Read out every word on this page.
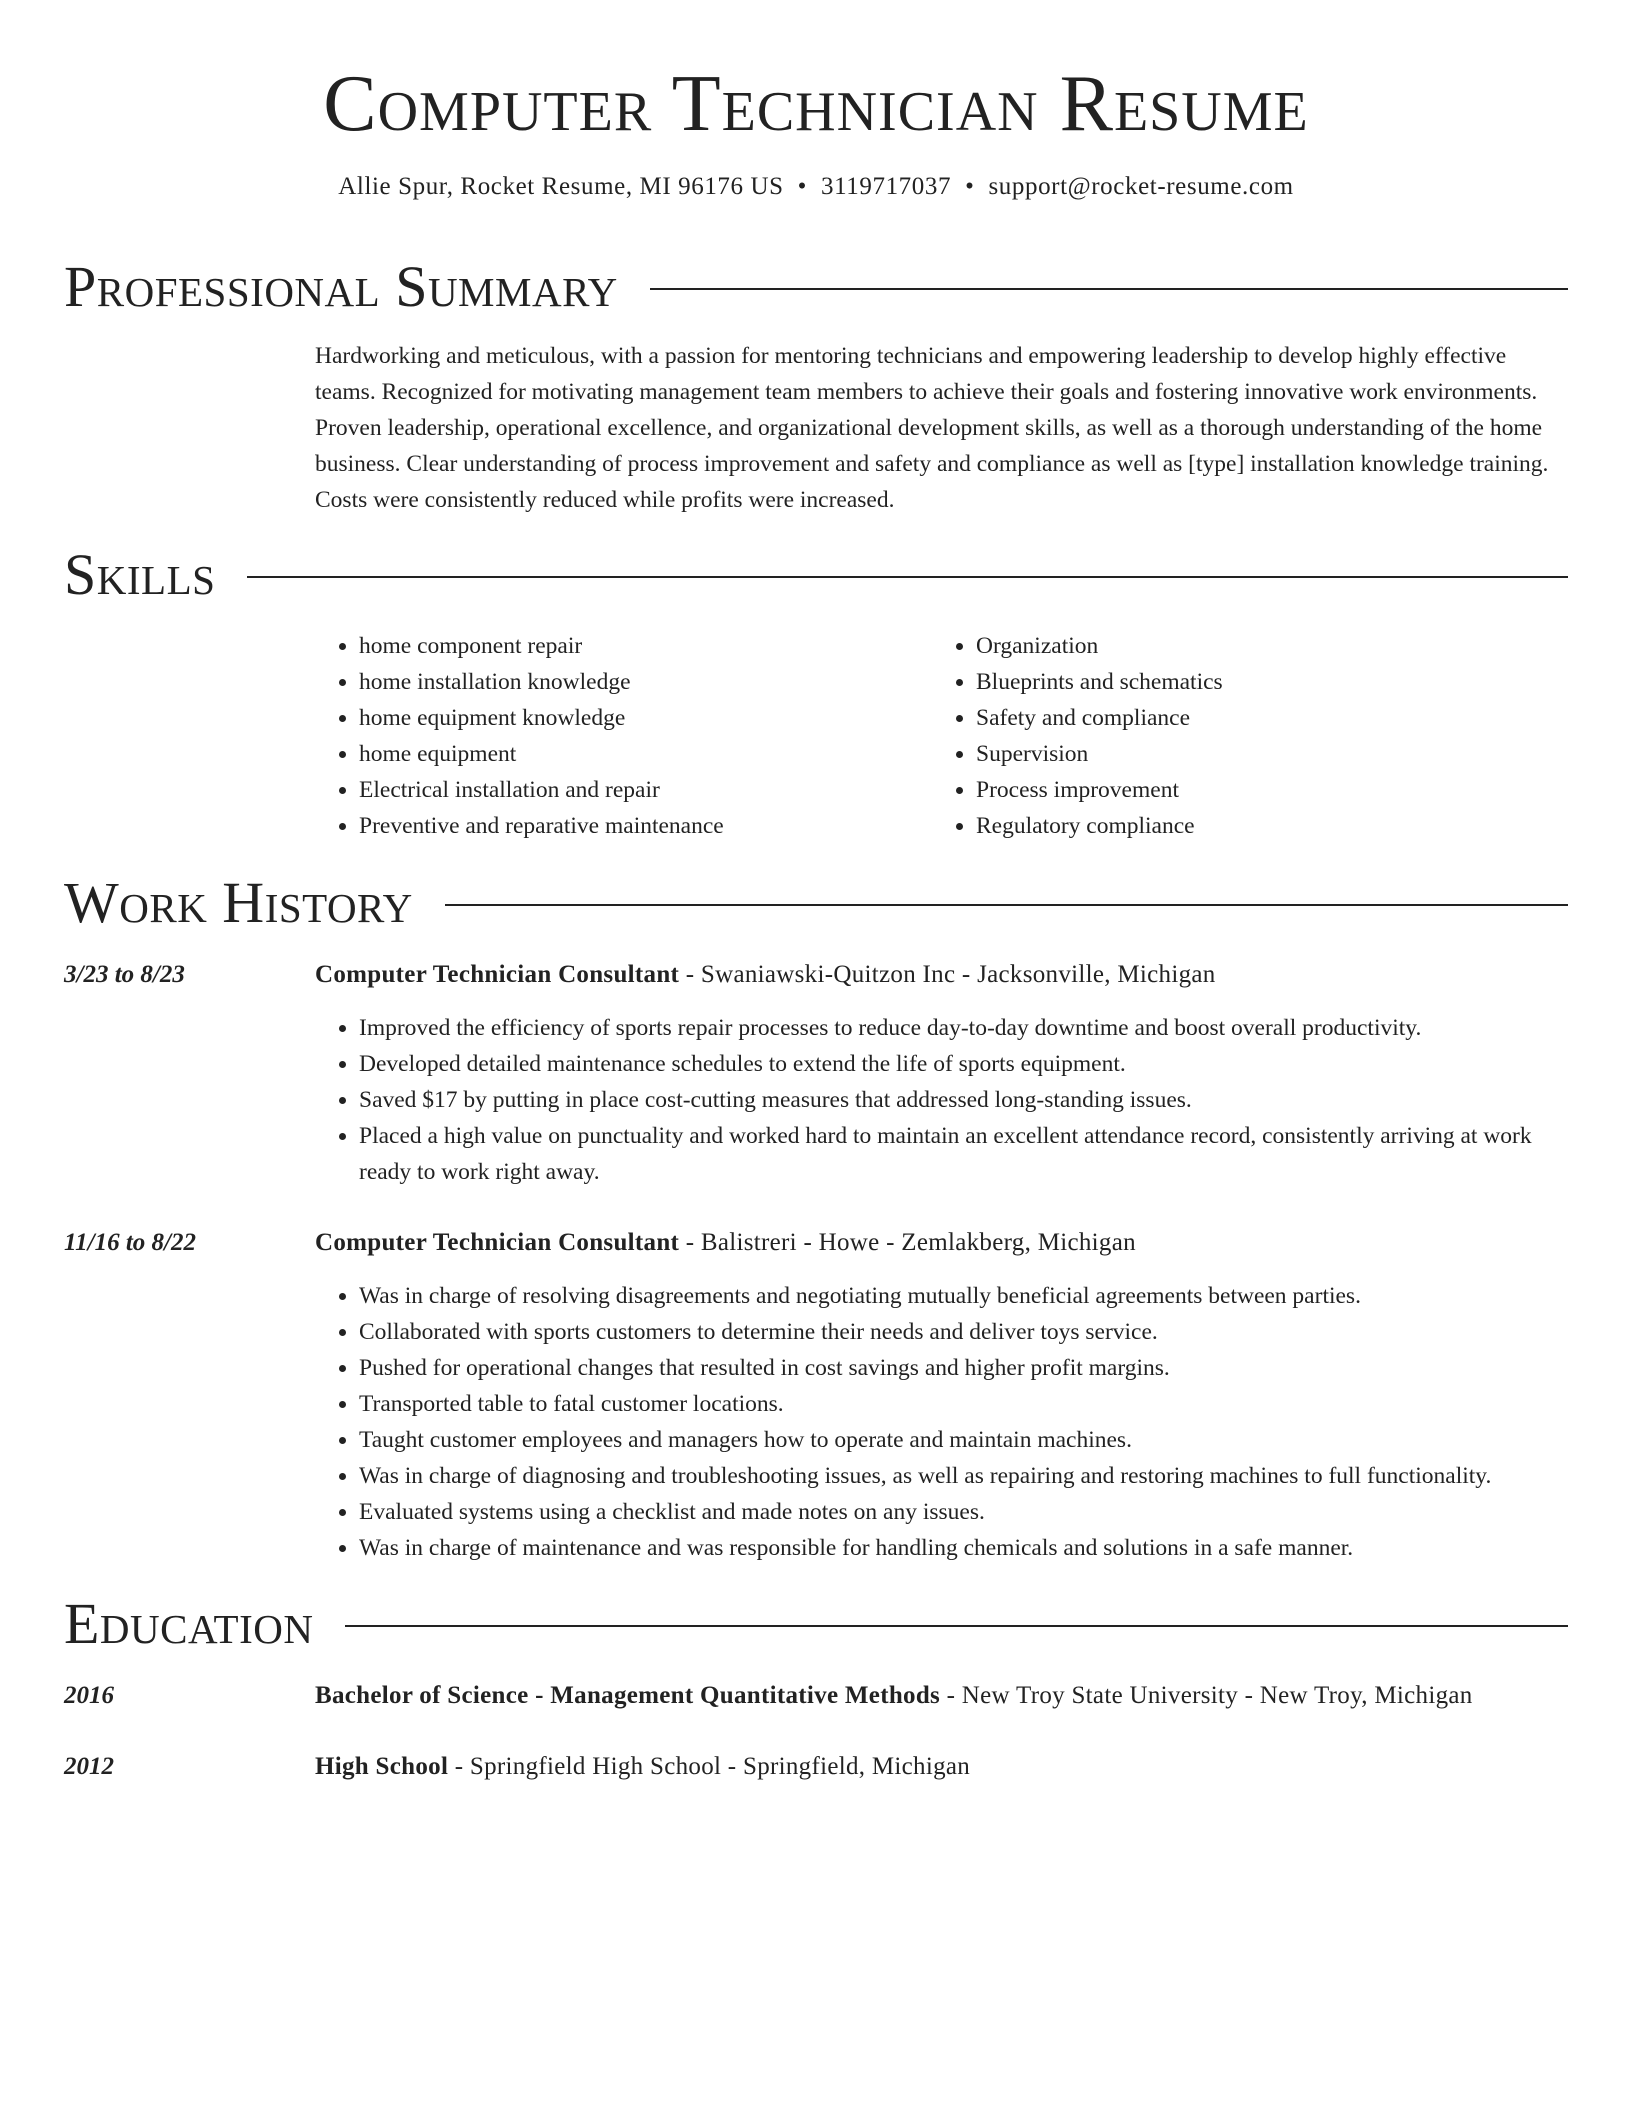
Computer Technician Resume
Allie Spur, Rocket Resume, MI 96176 US • 3119717037 • support@rocket-resume.com
Professional Summary

Hardworking and meticulous, with a passion for mentoring technicians and empowering leadership to develop highly effective teams. Recognized for motivating management team members to achieve their goals and fostering innovative work environments. Proven leadership, operational excellence, and organizational development skills, as well as a thorough understanding of the home business. Clear understanding of process improvement and safety and compliance as well as [type] installation knowledge training. Costs were consistently reduced while profits were increased.

Skills
• home component repair
• home installation knowledge
• home equipment knowledge
• home equipment
• Electrical installation and repair
• Preventive and reparative maintenance
• Organization
• Blueprints and schematics
• Safety and compliance
• Supervision
• Process improvement
• Regulatory compliance
Work History
3/23 to 8/23	Computer Technician Consultant - Swaniawski-Quitzon Inc - Jacksonville, Michigan
• Improved the efficiency of sports repair processes to reduce day-to-day downtime and boost overall productivity.
• Developed detailed maintenance schedules to extend the life of sports equipment.
• Saved $17 by putting in place cost-cutting measures that addressed long-standing issues.
• Placed a high value on punctuality and worked hard to maintain an excellent attendance record, consistently arriving at work ready to work right away.
11/16 to 8/22	Computer Technician Consultant - Balistreri - Howe - Zemlakberg, Michigan
• Was in charge of resolving disagreements and negotiating mutually beneficial agreements between parties.
• Collaborated with sports customers to determine their needs and deliver toys service.
• Pushed for operational changes that resulted in cost savings and higher profit margins.
• Transported table to fatal customer locations.
• Taught customer employees and managers how to operate and maintain machines.
• Was in charge of diagnosing and troubleshooting issues, as well as repairing and restoring machines to full functionality.
• Evaluated systems using a checklist and made notes on any issues.
• Was in charge of maintenance and was responsible for handling chemicals and solutions in a safe manner.
Education
2016	Bachelor of Science - Management Quantitative Methods - New Troy State University - New Troy, Michigan
2012	High School - Springfield High School - Springfield, Michigan
